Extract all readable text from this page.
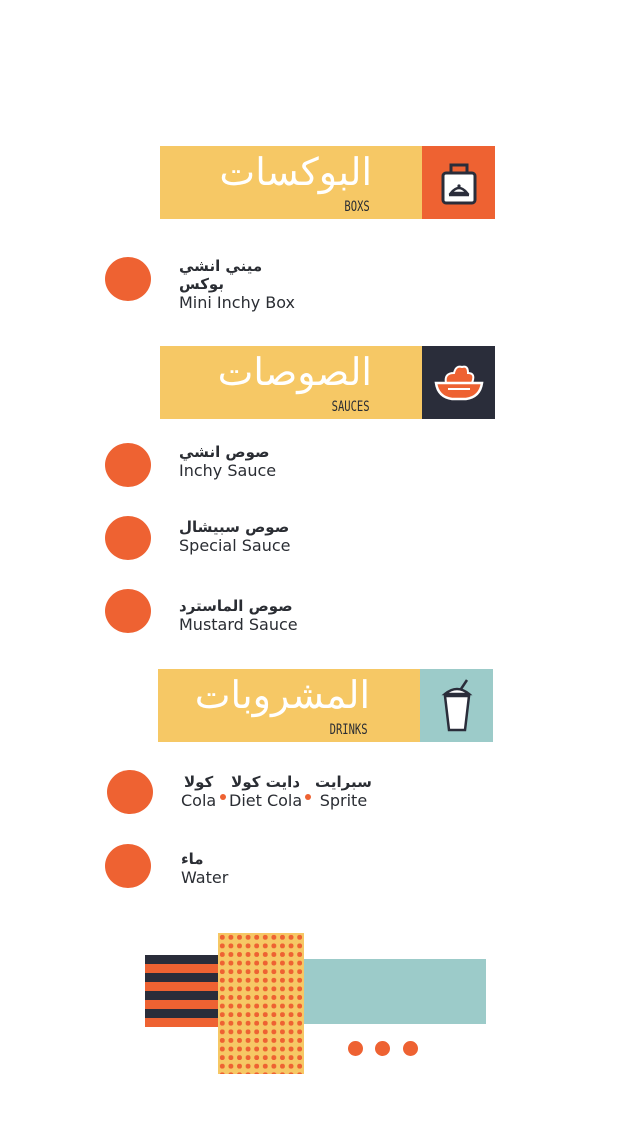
البوكسات
BOXS
ميني انشي بوكس
Mini Inchy Box
الصوصات
SAUCES
صوص انشي
Inchy Sauce
صوص سبيشال
Special Sauce
صوص الماسترد
Mustard Sauce
المشروبات
DRINKS
كولا
Cola
دايت كولا
Diet Cola
سبرايت
Sprite
ماء
Water
